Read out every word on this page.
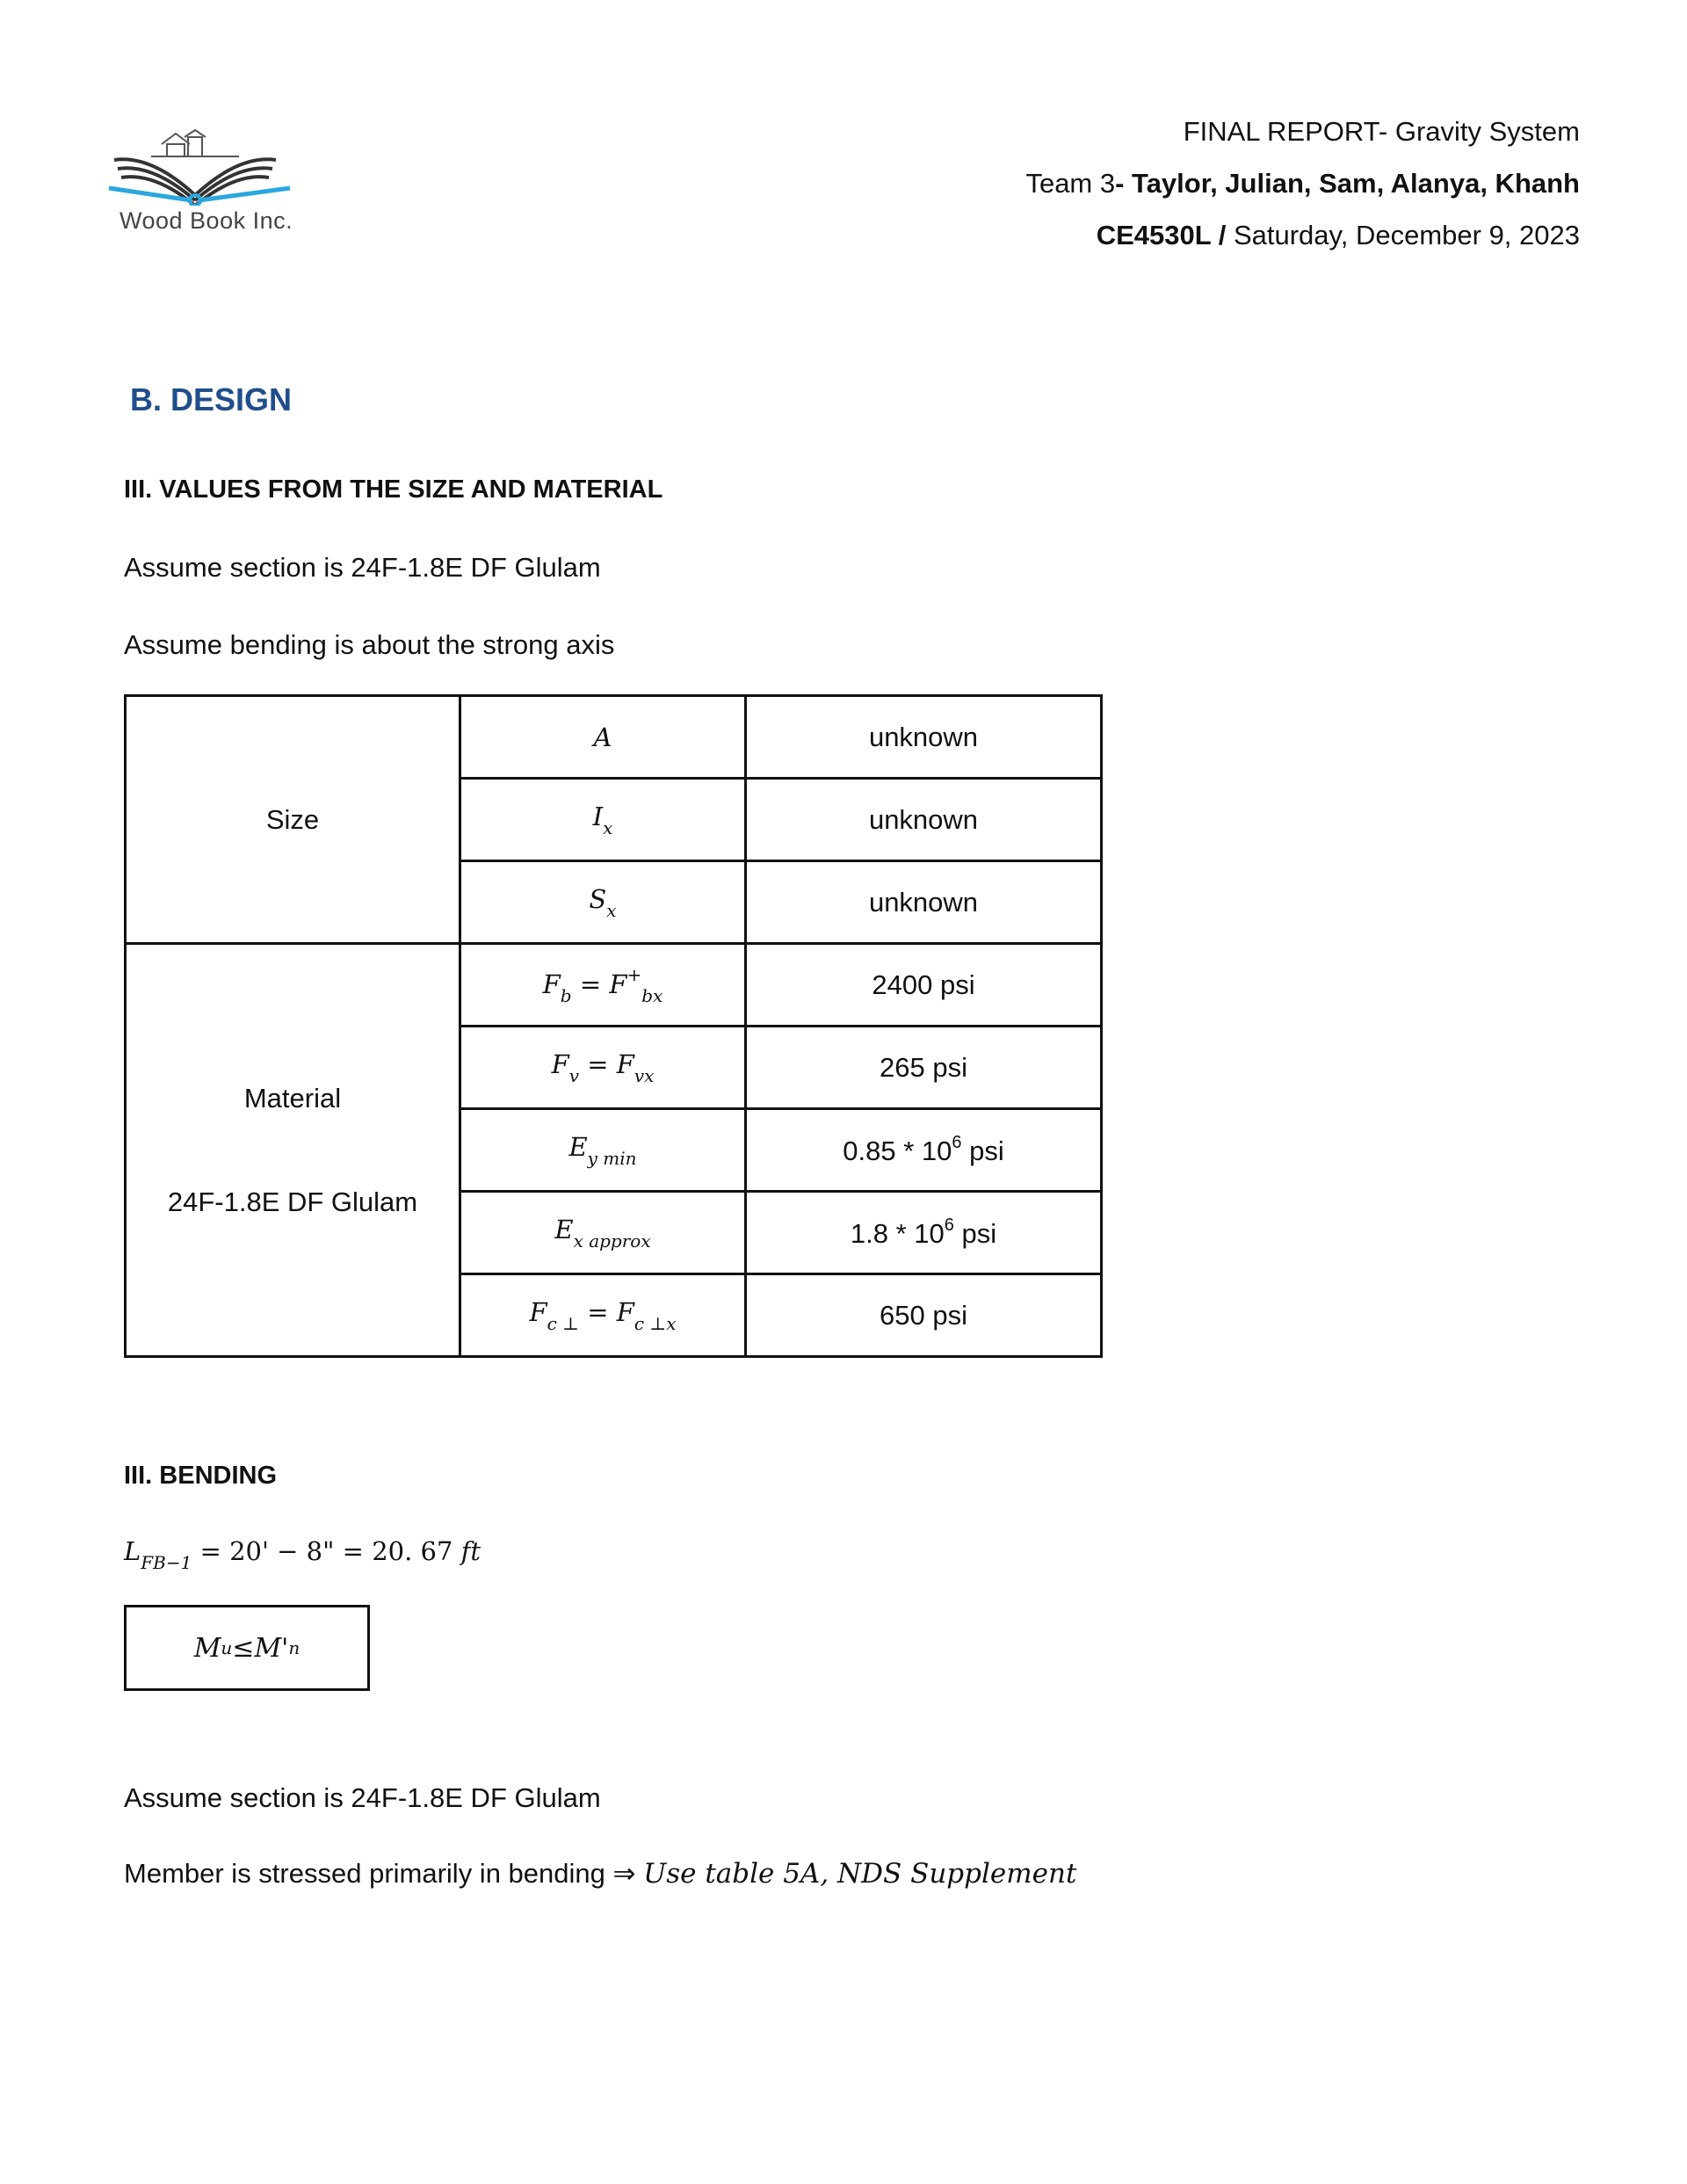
Wood Book Inc.
FINAL REPORT- Gravity System
Team 3- Taylor, Julian, Sam, Alanya, Khanh
CE4530L / Saturday, December 9, 2023
B. DESIGN
III. VALUES FROM THE SIZE AND MATERIAL
Assume section is 24F-1.8E DF Glulam
Assume bending is about the strong axis
Size	A	unknown
	$I_x$	unknown
	$S_x$	unknown

Material
24F-1.8E DF Glulam	$F_b = F^+_{bx}$	2400 psi
	$F_v = F_{vx}$	265 psi
	$E_{y min}$	$0.85 * 10^6$ psi
	$E_{x approx}$	$1.8 * 10^6$ psi
	$F_{c \perp} = F_{c \perp x}$	650 psi
III. BENDING
$L_{FB-1} = 20' - 8$" = 20. 67 ft
M u ≤ M' n
Assume section is 24F-1.8E DF Glulam
Member is stressed primarily in bending ⇒ Use table 5A, NDS Supplement
